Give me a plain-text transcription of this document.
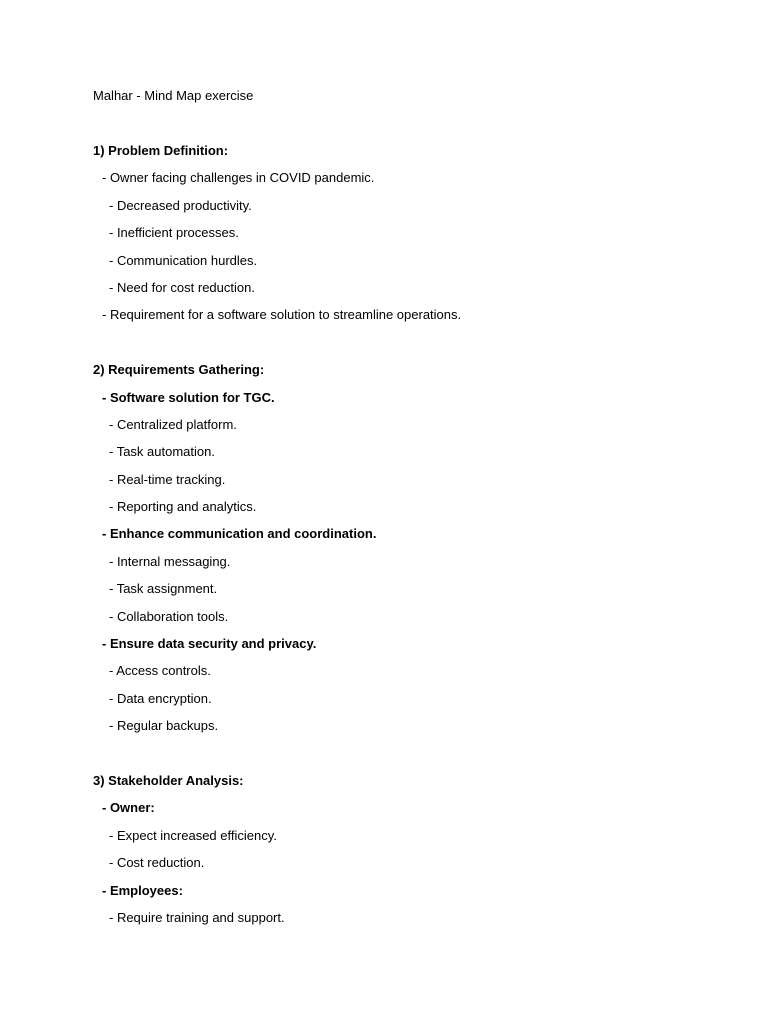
Malhar - Mind Map exercise
1) Problem Definition:
- Owner facing challenges in COVID pandemic.
- Decreased productivity.
- Inefficient processes.
- Communication hurdles.
- Need for cost reduction.
- Requirement for a software solution to streamline operations.
2) Requirements Gathering:
- Software solution for TGC.
- Centralized platform.
- Task automation.
- Real-time tracking.
- Reporting and analytics.
- Enhance communication and coordination.
- Internal messaging.
- Task assignment.
- Collaboration tools.
- Ensure data security and privacy.
- Access controls.
- Data encryption.
- Regular backups.
3) Stakeholder Analysis:
- Owner:
- Expect increased efficiency.
- Cost reduction.
- Employees:
- Require training and support.
